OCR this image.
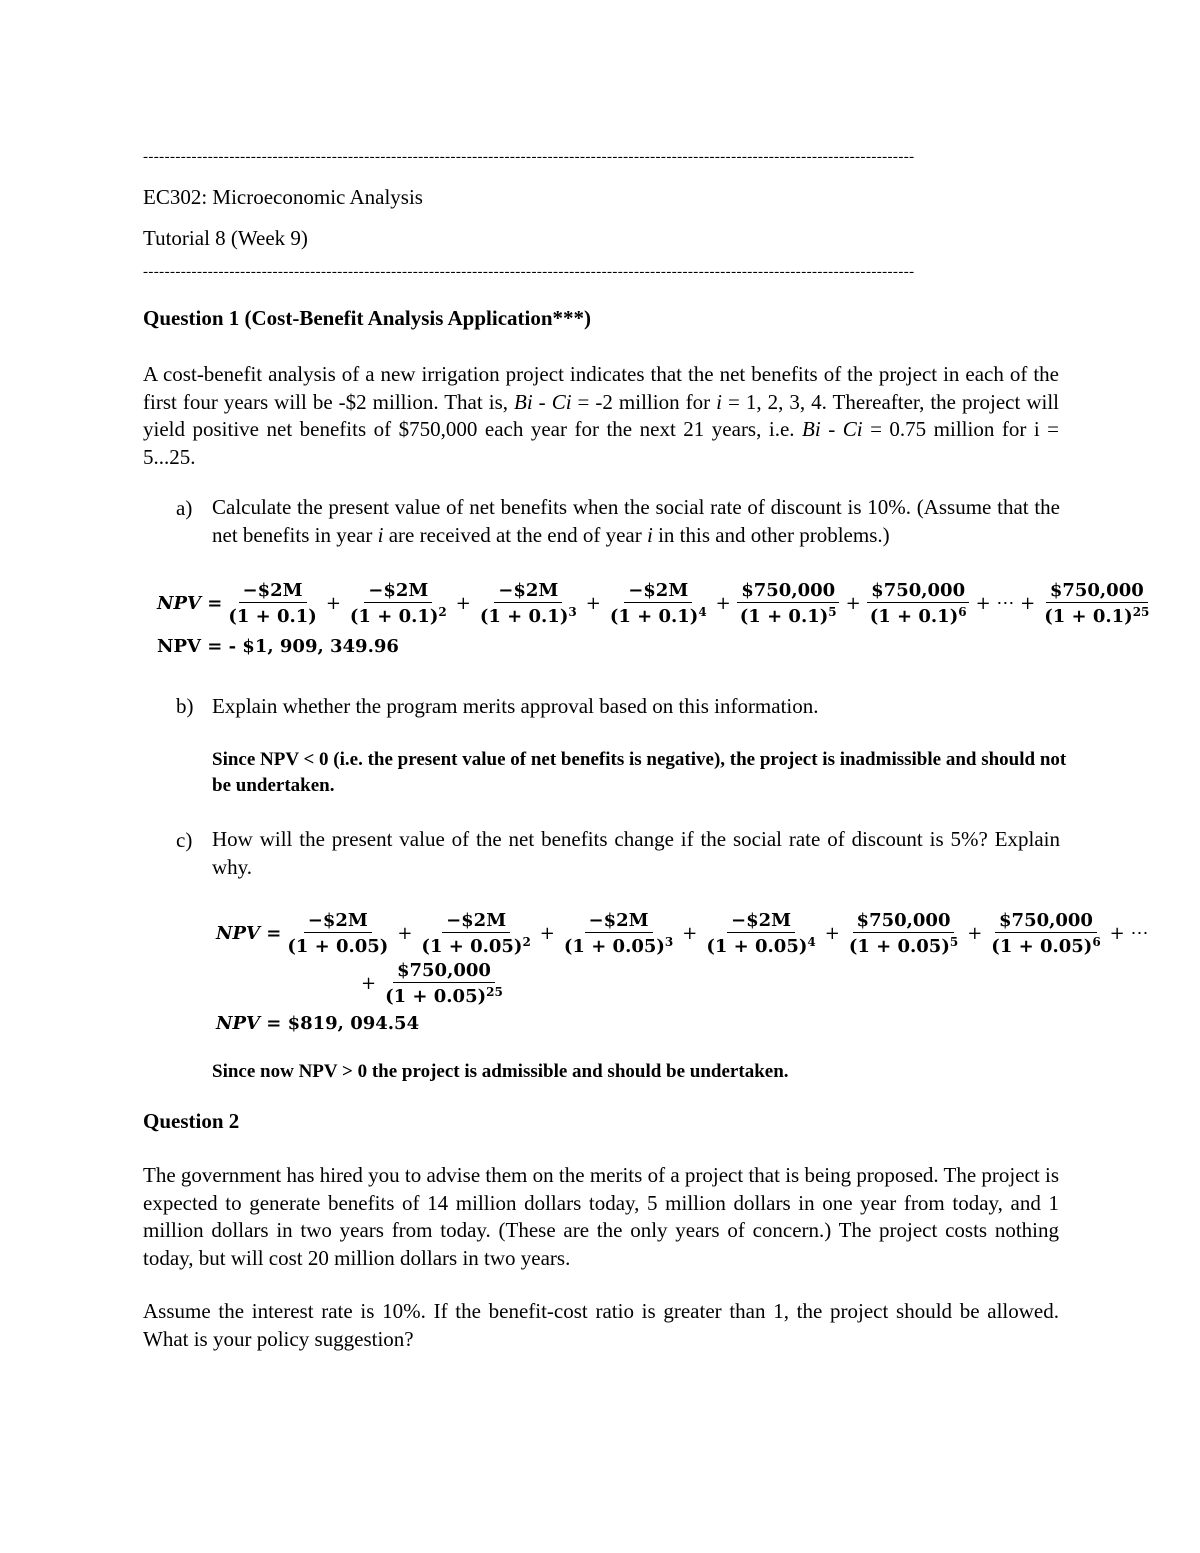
-----------------------------------------------------------------------------------------------------------------------------------------------
EC302: Microeconomic Analysis
Tutorial 8 (Week 9)
-----------------------------------------------------------------------------------------------------------------------------------------------
Question 1 (Cost-Benefit Analysis Application***)

A cost-benefit analysis of a new irrigation project indicates that the net benefits of the project in each of the first four years will be -$2 million. That is, Bi - Ci = -2 million for i = 1, 2, 3, 4. Thereafter, the project will yield positive net benefits of $750,000 each year for the next 21 years, i.e. Bi - Ci = 0.75 million for i = 5...25.

a) Calculate the present value of net benefits when the social rate of discount is 10%. (Assume that the net benefits in year i are received at the end of year i in this and other problems.)

NPV = $\frac{-\$2M}{(1 + 0.1)} + \frac{-\$2M}{(1 + 0.1)^2} + \frac{-\$2M}{(1 + 0.1)^3} + \frac{-\$2M}{(1 + 0.1)^4} + \frac{\$750,000}{(1 + 0.1)^5} + \frac{\$750,000}{(1 + 0.1)^6}$ + ⋯ + $\frac{\$750,000}{(1 + 0.1)^{25}}$
NPV = - $1, 909, 349.96
b) Explain whether the program merits approval based on this information.
Since NPV < 0 (i.e. the present value of net benefits is negative), the project is inadmissible and should not be undertaken.
c) How will the present value of the net benefits change if the social rate of discount is 5%? Explain why.
NPV = $\frac{-\$2M}{(1 + 0.05)} + \frac{-\$2M}{(1 + 0.05)^2} + \frac{-\$2M}{(1 + 0.05)^3} + \frac{-\$2M}{(1 + 0.05)^4} + \frac{\$750,000}{(1 + 0.05)^5} + \frac{\$750,000}{(1 + 0.05)^6}$ + ⋯
+ $\frac{\$750,000}{(1 + 0.05)^{25}}$
NPV = $819, 094.54
Since now NPV > 0 the project is admissible and should be undertaken.
Question 2
The government has hired you to advise them on the merits of a project that is being proposed. The project is expected to generate benefits of 14 million dollars today, 5 million dollars in one year from today, and 1 million dollars in two years from today. (These are the only years of concern.) The project costs nothing today, but will cost 20 million dollars in two years.
Assume the interest rate is 10%. If the benefit-cost ratio is greater than 1, the project should be allowed. What is your policy suggestion?
